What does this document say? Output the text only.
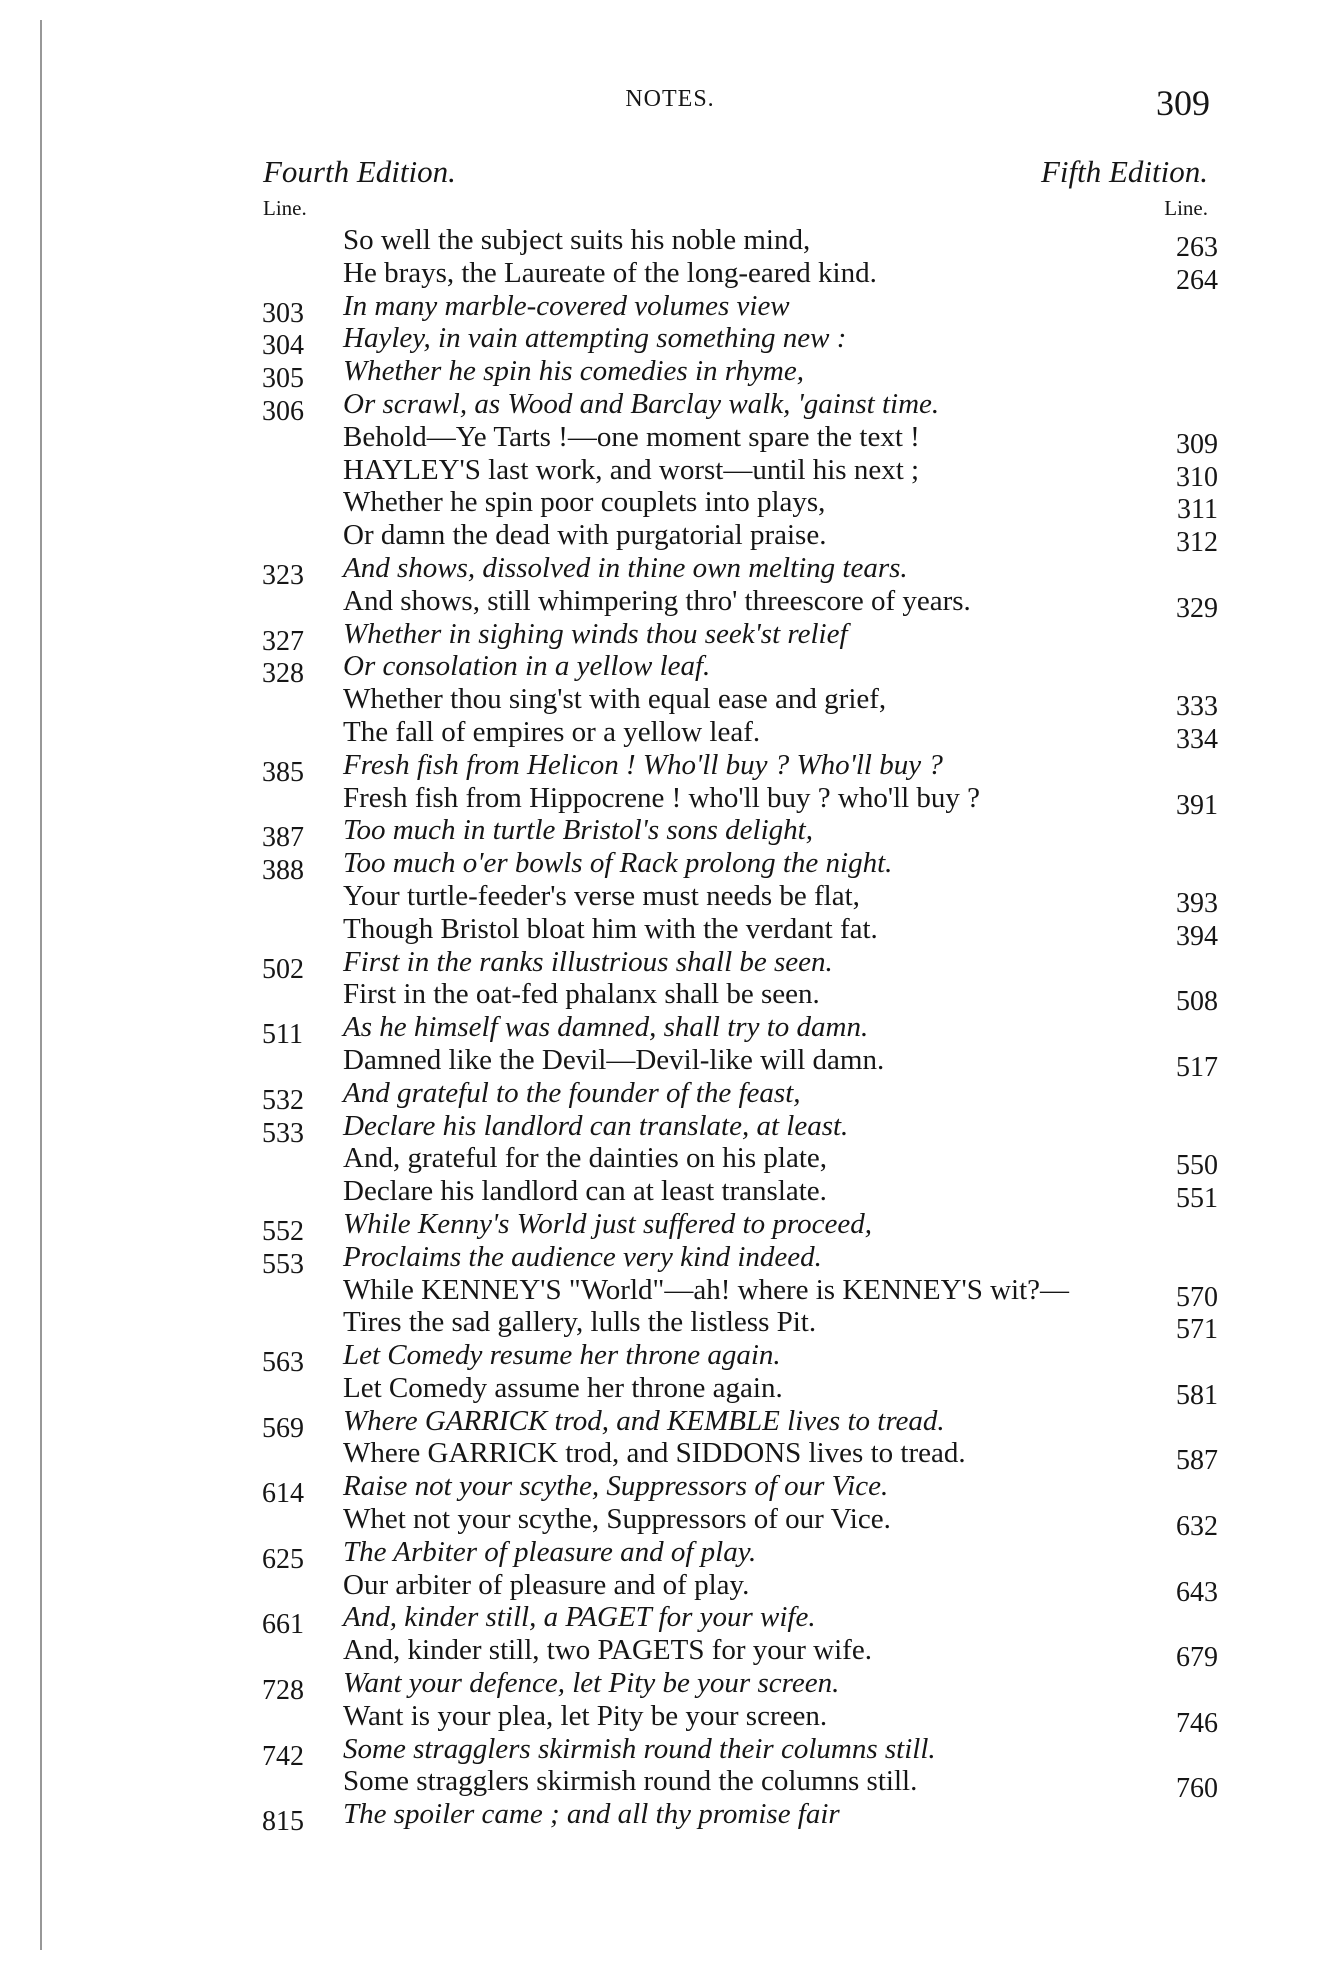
NOTES.	309
Fourth Edition.	Fifth Edition.
Line.	Line.
So well the subject suits his noble mind,	263
He brays, the Laureate of the long-eared kind.	264
303	In many marble-covered volumes view
304	Hayley, in vain attempting something new :
305	Whether he spin his comedies in rhyme,
306	Or scrawl, as Wood and Barclay walk, 'gainst time.
Behold—Ye Tarts !—one moment spare the text !	309
HAYLEY'S last work, and worst—until his next ;	310
Whether he spin poor couplets into plays,	311
Or damn the dead with purgatorial praise.	312
323	And shows, dissolved in thine own melting tears.
And shows, still whimpering thro' threescore of years.	329
327	Whether in sighing winds thou seek'st relief
328	Or consolation in a yellow leaf.
Whether thou sing'st with equal ease and grief,	333
The fall of empires or a yellow leaf.	334
385	Fresh fish from Helicon ! Who'll buy ? Who'll buy ?
Fresh fish from Hippocrene ! who'll buy ? who'll buy ?	391
387	Too much in turtle Bristol's sons delight,
388	Too much o'er bowls of Rack prolong the night.
Your turtle-feeder's verse must needs be flat,	393
Though Bristol bloat him with the verdant fat.	394
502	First in the ranks illustrious shall be seen.
First in the oat-fed phalanx shall be seen.	508
511	As he himself was damned, shall try to damn.
Damned like the Devil—Devil-like will damn.	517
532	And grateful to the founder of the feast,
533	Declare his landlord can translate, at least.
And, grateful for the dainties on his plate,	550
Declare his landlord can at least translate.	551
552	While Kenny's World just suffered to proceed,
553	Proclaims the audience very kind indeed.
While KENNEY'S "World"—ah! where is KENNEY'S wit?—	570
Tires the sad gallery, lulls the listless Pit.	571
563	Let Comedy resume her throne again.
Let Comedy assume her throne again.	581
569	Where GARRICK trod, and KEMBLE lives to tread.
Where GARRICK trod, and SIDDONS lives to tread.	587
614	Raise not your scythe, Suppressors of our Vice.
Whet not your scythe, Suppressors of our Vice.	632
625	The Arbiter of pleasure and of play.
Our arbiter of pleasure and of play.	643
661	And, kinder still, a PAGET for your wife.
And, kinder still, two PAGETS for your wife.	679
728	Want your defence, let Pity be your screen.
Want is your plea, let Pity be your screen.	746
742	Some stragglers skirmish round their columns still.
Some stragglers skirmish round the columns still.	760
815	The spoiler came ; and all thy promise fair
